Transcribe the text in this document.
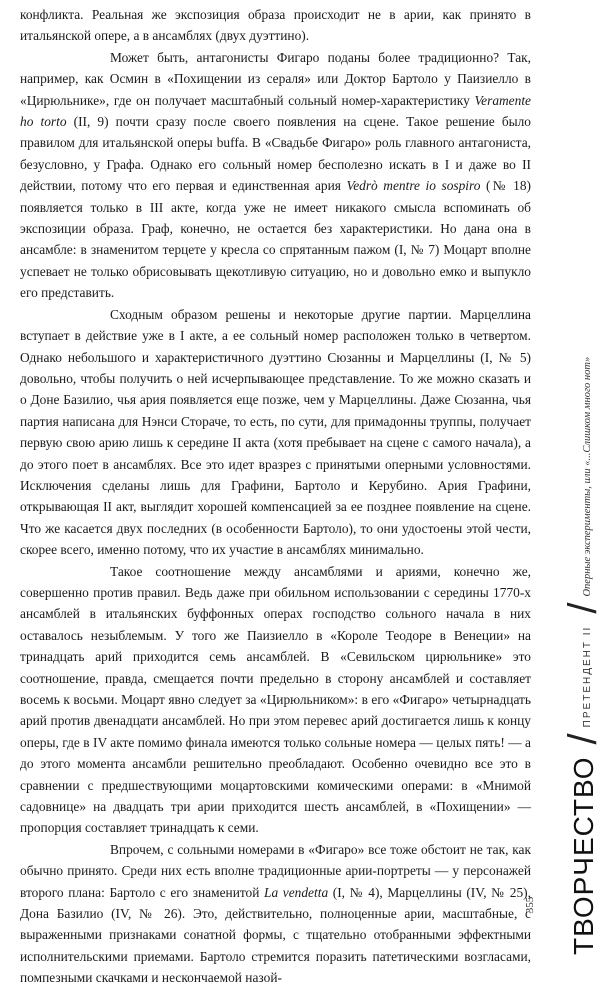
конфликта. Реальная же экспозиция образа происходит не в арии, как принято в итальянской опере, а в ансамблях (двух дуэттино).

Может быть, антагонисты Фигаро поданы более традиционно? Так, например, как Осмин в «Похищении из сераля» или Доктор Бартоло у Паизиелло в «Цирюльнике», где он получает масштабный сольный номер-характеристику Veramente ho torto (II, 9) почти сразу после своего появления на сцене. Такое решение было правилом для итальянской оперы buffa. В «Свадьбе Фигаро» роль главного антагониста, безусловно, у Графа. Однако его сольный номер бесполезно искать в I и даже во II действии, потому что его первая и единственная ария Vedrò mentre io sospiro (№ 18) появляется только в III акте, когда уже не имеет никакого смысла вспоминать об экспозиции образа. Граф, конечно, не остается без характеристики. Но дана она в ансамбле: в знаменитом терцете у кресла со спрятанным пажом (I, № 7) Моцарт вполне успевает не только обрисовывать щекотливую ситуацию, но и довольно емко и выпукло его представить.

Сходным образом решены и некоторые другие партии. Марцеллина вступает в действие уже в I акте, а ее сольный номер расположен только в четвертом. Однако небольшого и характеристичного дуэттино Сюзанны и Марцеллины (I, № 5) довольно, чтобы получить о ней исчерпывающее представление. То же можно сказать и о Доне Базилио, чья ария появляется еще позже, чем у Марцеллины. Даже Сюзанна, чья партия написана для Нэнси Стораче, то есть, по сути, для примадонны труппы, получает первую свою арию лишь к середине II акта (хотя пребывает на сцене с самого начала), а до этого поет в ансамблях. Все это идет вразрез с принятыми оперными условностями. Исключения сделаны лишь для Графини, Бартоло и Керубино. Ария Графини, открывающая II акт, выглядит хорошей компенсацией за ее позднее появление на сцене. Что же касается двух последних (в особенности Бартоло), то они удостоены этой чести, скорее всего, именно потому, что их участие в ансамблях минимально.

Такое соотношение между ансамблями и ариями, конечно же, совершенно против правил. Ведь даже при обильном использовании с середины 1770-х ансамблей в итальянских буффонных операх господство сольного начала в них оставалось незыблемым. У того же Паизиелло в «Короле Теодоре в Венеции» на тринадцать арий приходится семь ансамблей. В «Севильском цирюльнике» это соотношение, правда, смещается почти предельно в сторону ансамблей и составляет восемь к восьми. Моцарт явно следует за «Цирюльником»: в его «Фигаро» четырнадцать арий против двенадцати ансамблей. Но при этом перевес арий достигается лишь к концу оперы, где в IV акте помимо финала имеются только сольные номера — целых пять! — а до этого момента ансамбли решительно преобладают. Особенно очевидно все это в сравнении с предшествующими моцартовскими комическими операми: в «Мнимой садовнице» на двадцать три арии приходится шесть ансамблей, в «Похищении» — пропорция составляет тринадцать к семи.

Впрочем, с сольными номерами в «Фигаро» все тоже обстоит не так, как обычно принято. Среди них есть вполне традиционные арии-портреты — у персонажей второго плана: Бартоло с его знаменитой La vendetta (I, № 4), Марцеллины (IV, № 25), Дона Базилио (IV, № 26). Это, действительно, полноценные арии, масштабные, с выраженными признаками сонатной формы, с тщательно отобранными эффектными исполнительскими приемами. Бартоло стремится поразить патетическими возгласами, помпезными скачками и нескончаемой назой-

ТВОРЧЕСТВО
/
ПРЕТЕНДЕНТ II
/
Оперные эксперименты, или «...Слишком много нот»
355
